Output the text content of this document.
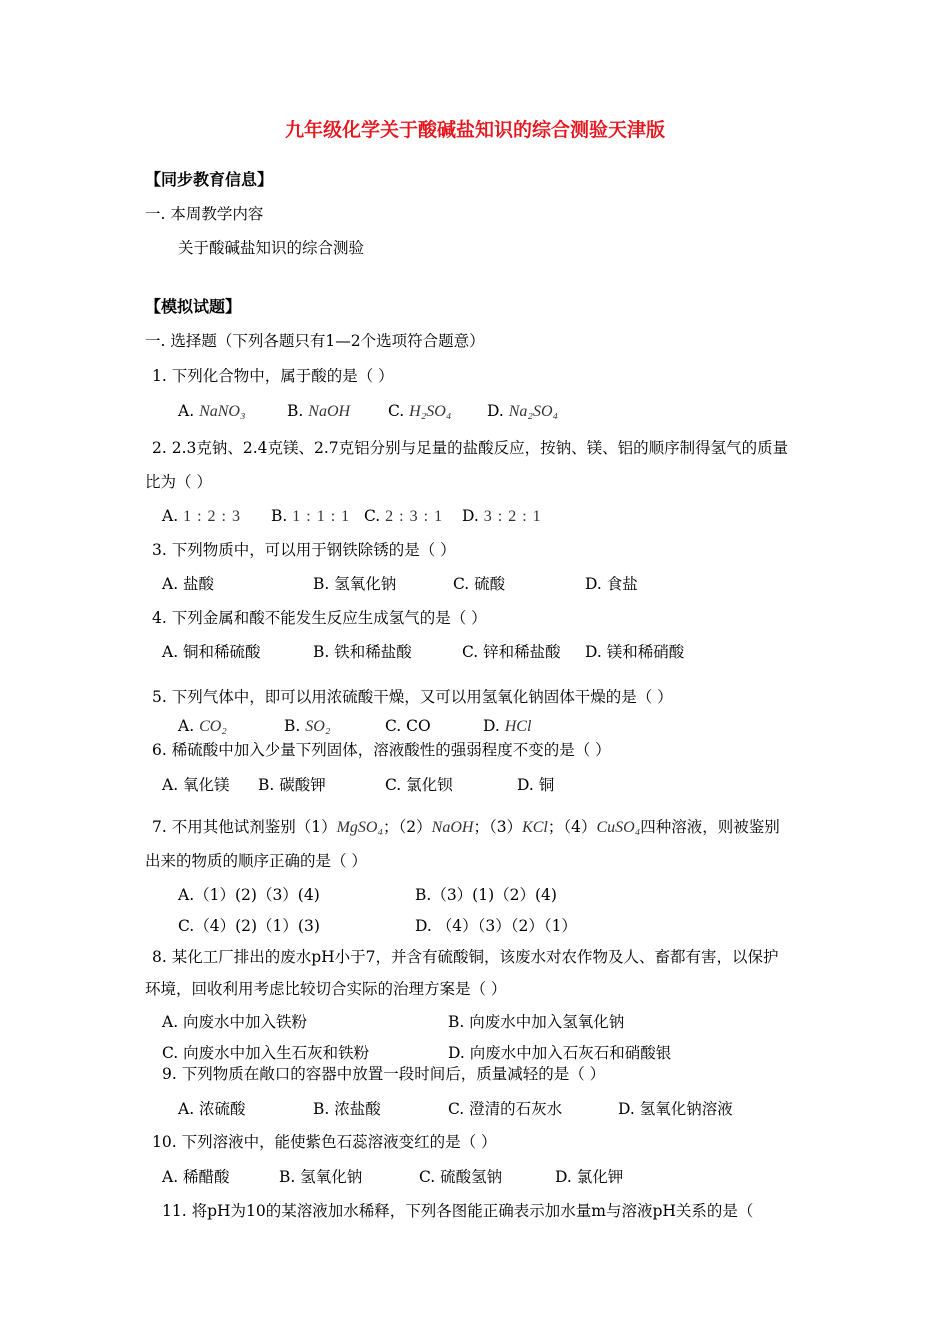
九年级化学关于酸碱盐知识的综合测验天津版
【同步教育信息】
一. 本周教学内容
关于酸碱盐知识的综合测验
【模拟试题】
一. 选择题（下列各题只有1—2个选项符合题意）
1. 下列化合物中，属于酸的是（ ）
A. NaNO₃	B. NaOH C. H₂SO₄ D. Na₂SO₄
2. 2.3克钠、2.4克镁、2.7克铝分别与足量的盐酸反应，按钠、镁、铝的顺序制得氢气的质量
比为（ ）
A. 1 : 2 : 3 B. 1 : 1 : 1 C. 2 : 3 : 1 D. 3 : 2 : 1
3. 下列物质中，可以用于钢铁除锈的是（ ）
A. 盐酸	B. 氢氧化钠	C. 硫酸	D. 食盐
4. 下列金属和酸不能发生反应生成氢气的是（ ）
A. 铜和稀硫酸	B. 铁和稀盐酸	C. 锌和稀盐酸 D. 镁和稀硝酸
5. 下列气体中，即可以用浓硫酸干燥，又可以用氢氧化钠固体干燥的是（ ）
A. CO₂	B. SO₂	C. CO	D. HCl
6. 稀硫酸中加入少量下列固体，溶液酸性的强弱程度不变的是（ ）
A. 氧化镁 B. 碳酸钾	C. 氯化钡	D. 铜
7. 不用其他试剂鉴别（1）MgSO₄；（2）NaOH；（3）KCl；（4）CuSO₄四种溶液，则被鉴别
出来的物质的顺序正确的是（ ）
A.（1）(2)（3）(4)	B.（3）(1)（2）(4)
C.（4）(2)（1）(3)	D. （4）（3）（2）（1）
8. 某化工厂排出的废水pH小于7，并含有硫酸铜，该废水对农作物及人、畜都有害，以保护
环境，回收利用考虑比较切合实际的治理方案是（ ）
A. 向废水中加入铁粉	B. 向废水中加入氢氧化钠
C. 向废水中加入生石灰和铁粉	D. 向废水中加入石灰石和硝酸银
9. 下列物质在敞口的容器中放置一段时间后，质量减轻的是（ ）
A. 浓硫酸	B. 浓盐酸	C. 澄清的石灰水	D. 氢氧化钠溶液
10. 下列溶液中，能使紫色石蕊溶液变红的是（ ）
A. 稀醋酸	B. 氢氧化钠	C. 硫酸氢钠	D. 氯化钾
11. 将pH为10的某溶液加水稀释，下列各图能正确表示加水量m与溶液pH关系的是（
